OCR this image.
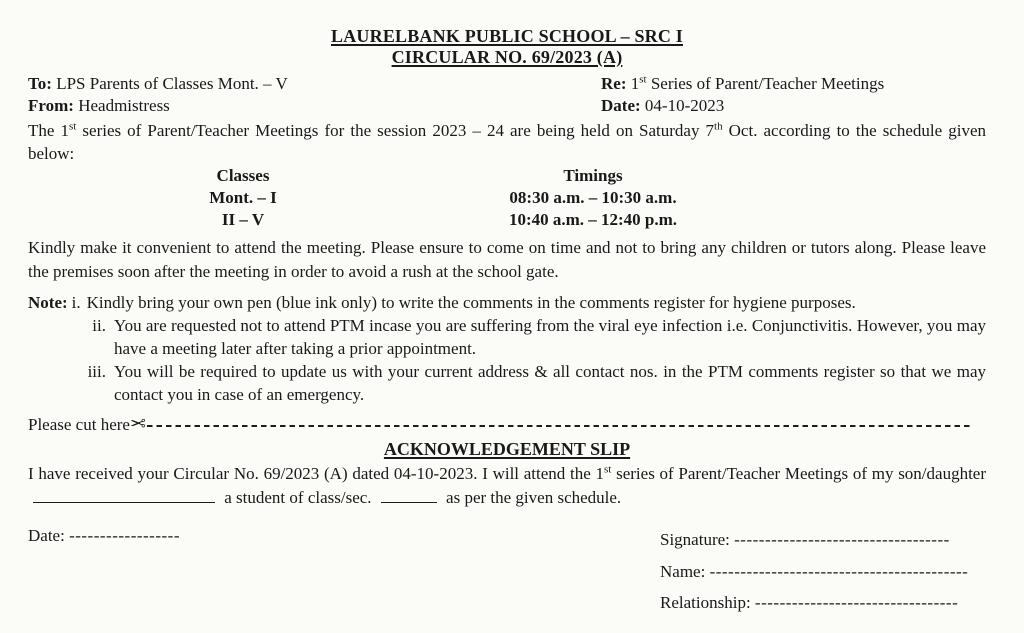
LAURELBANK PUBLIC SCHOOL – SRC I
CIRCULAR NO. 69/2023 (A)
To: LPS Parents of Classes Mont. – V	Re: 1st Series of Parent/Teacher Meetings
From: Headmistress	Date: 04-10-2023
The 1st series of Parent/Teacher Meetings for the session 2023 – 24 are being held on Saturday 7th Oct. according to the schedule given below:
Classes	Timings
Mont. – I	08:30 a.m. – 10:30 a.m.
II – V	10:40 a.m. – 12:40 p.m.
Kindly make it convenient to attend the meeting. Please ensure to come on time and not to bring any children or tutors along. Please leave the premises soon after the meeting in order to avoid a rush at the school gate.
Note: i. Kindly bring your own pen (blue ink only) to write the comments in the comments register for hygiene purposes.
ii. You are requested not to attend PTM incase you are suffering from the viral eye infection i.e. Conjunctivitis. However, you may have a meeting later after taking a prior appointment.
iii. You will be required to update us with your current address & all contact nos. in the PTM comments register so that we may contact you in case of an emergency.
Please cut here ✂
ACKNOWLEDGEMENT SLIP
I have received your Circular No. 69/2023 (A) dated 04-10-2023. I will attend the 1st series of Parent/Teacher Meetings of my son/daughter  a student of class/sec.	as per the given schedule.
Date: ------------------	Signature: -----------------------------------
Name: ------------------------------------------
Relationship: ---------------------------------
